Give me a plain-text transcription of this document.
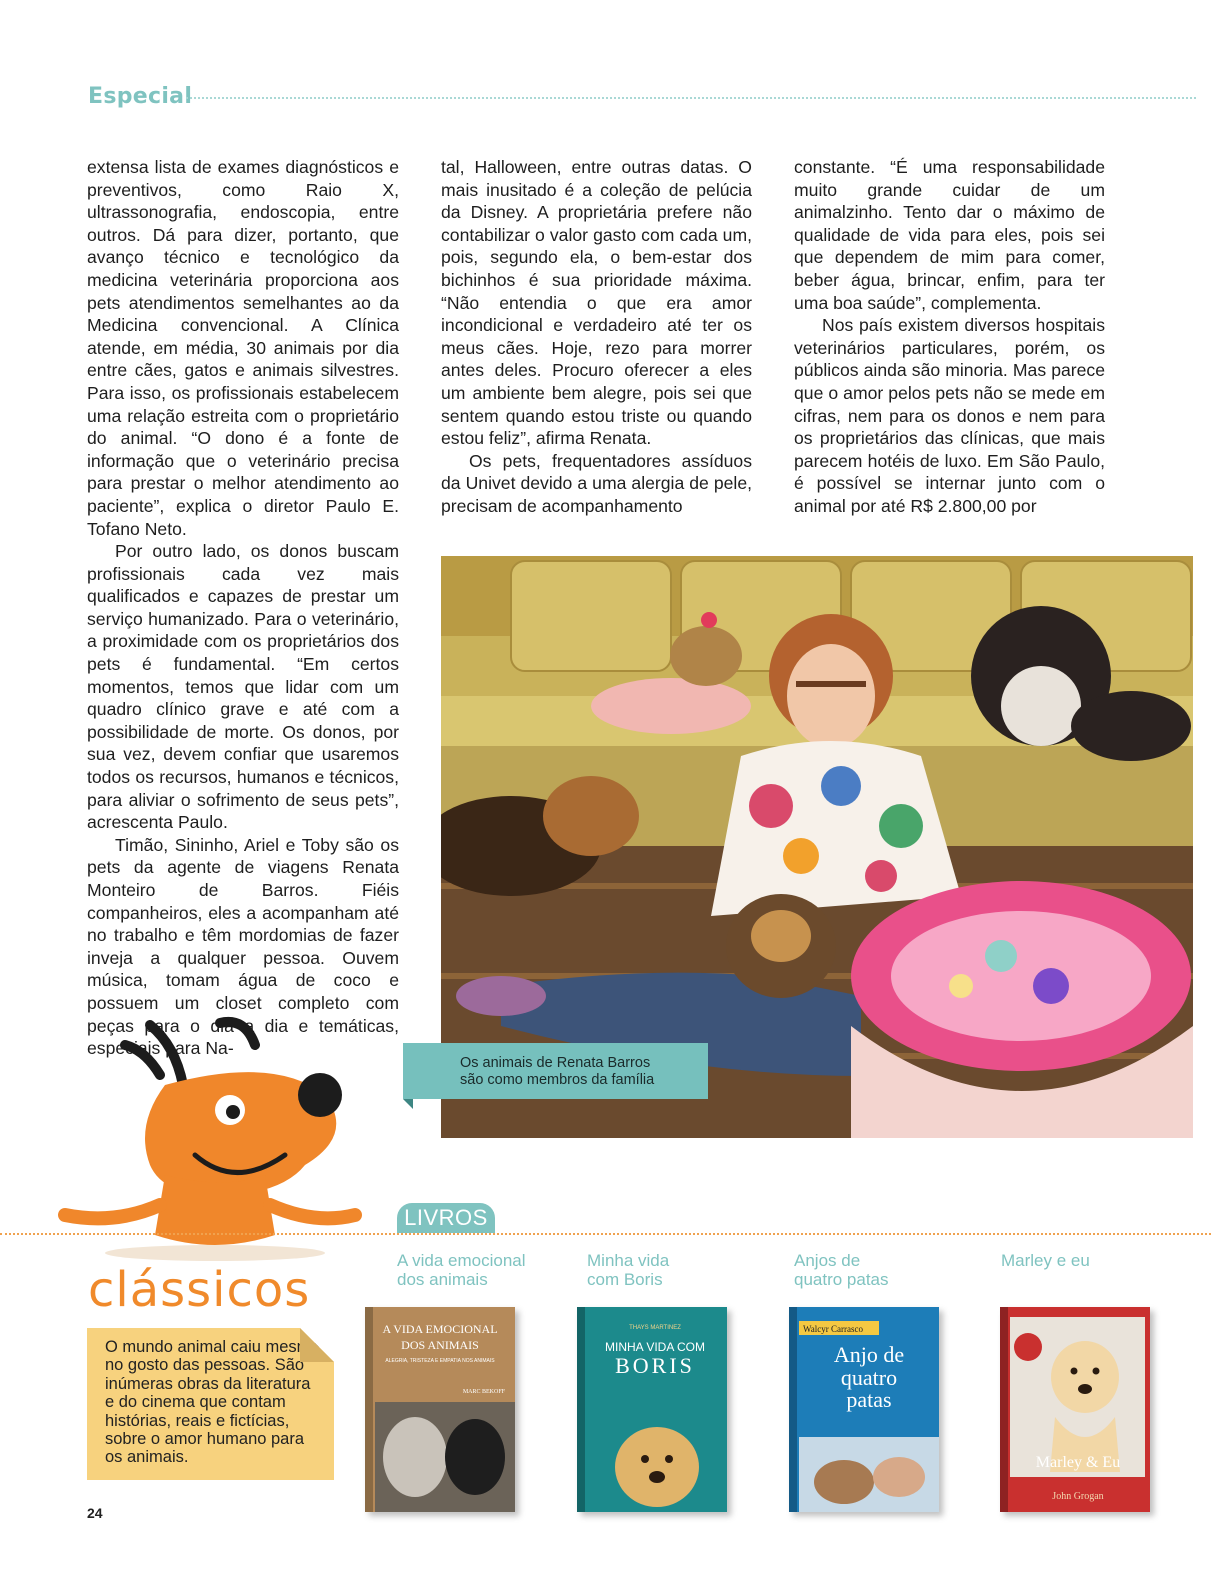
Especial

extensa lista de exames diagnósticos e preventivos, como Raio X, ultrassonografia, endoscopia, entre outros. Dá para dizer, portanto, que avanço técnico e tecnológico da medicina veterinária proporciona aos pets atendimentos semelhantes ao da Medicina convencional. A Clínica atende, em média, 30 animais por dia entre cães, gatos e animais silvestres. Para isso, os profissionais estabelecem uma relação estreita com o proprietário do animal. “O dono é a fonte de informação que o veterinário precisa para prestar o melhor atendimento ao paciente”, explica o diretor Paulo E. Tofano Neto.

Por outro lado, os donos buscam profissionais cada vez mais qualificados e capazes de prestar um serviço humanizado. Para o veterinário, a proximidade com os proprietários dos pets é fundamental. “Em certos momentos, temos que lidar com um quadro clínico grave e até com a possibilidade de morte. Os donos, por sua vez, devem confiar que usaremos todos os recursos, humanos e técnicos, para aliviar o sofrimento de seus pets”, acrescenta Paulo.

Timão, Sininho, Ariel e Toby são os pets da agente de viagens Renata Monteiro de Barros. Fiéis companheiros, eles a acompanham até no trabalho e têm mordomias de fazer inveja a qualquer pessoa. Ouvem música, tomam água de coco e possuem um closet completo com peças para o dia a dia e temáticas, especiais para Na-

tal, Halloween, entre outras datas. O mais inusitado é a coleção de pelúcia da Disney. A proprietária prefere não contabilizar o valor gasto com cada um, pois, segundo ela, o bem-estar dos bichinhos é sua prioridade máxima. “Não entendia o que era amor incondicional e verdadeiro até ter os meus cães. Hoje, rezo para morrer antes deles. Procuro oferecer a eles um ambiente bem alegre, pois sei que sentem quando estou triste ou quando estou feliz”, afirma Renata.

Os pets, frequentadores assíduos da Univet devido a uma alergia de pele, precisam de acompanhamento

constante. “É uma responsabilidade muito grande cuidar de um animalzinho. Tento dar o máximo de qualidade de vida para eles, pois sei que dependem de mim para comer, beber água, brincar, enfim, para ter uma boa saúde”, complementa.

Nos país existem diversos hospitais veterinários particulares, porém, os públicos ainda são minoria. Mas parece que o amor pelos pets não se mede em cifras, nem para os donos e nem para os proprietários das clínicas, que mais parecem hotéis de luxo. Em São Paulo, é possível se internar junto com o animal por até R$ 2.800,00 por

Os animais de Renata Barros
são como membros da família
LIVROS
clássicos
O mundo animal caiu mesmo no gosto das pessoas. São inúmeras obras da literatura e do cinema que contam histórias, reais e fictícias, sobre o amor humano para os animais.
A vida emocional
dos animais
Minha vida
com Boris
Anjos de
quatro patas
Marley e eu
A VIDA EMOCIONAL
DOS ANIMAIS
ALEGRIA, TRISTEZA E EMPATIA NOS ANIMAIS
MARC BEKOFF
THAYS MARTINEZ
MINHA VIDA COM
BORIS
Walcyr Carrasco
Anjo de
quatro
patas
Marley & Eu
John Grogan
24
